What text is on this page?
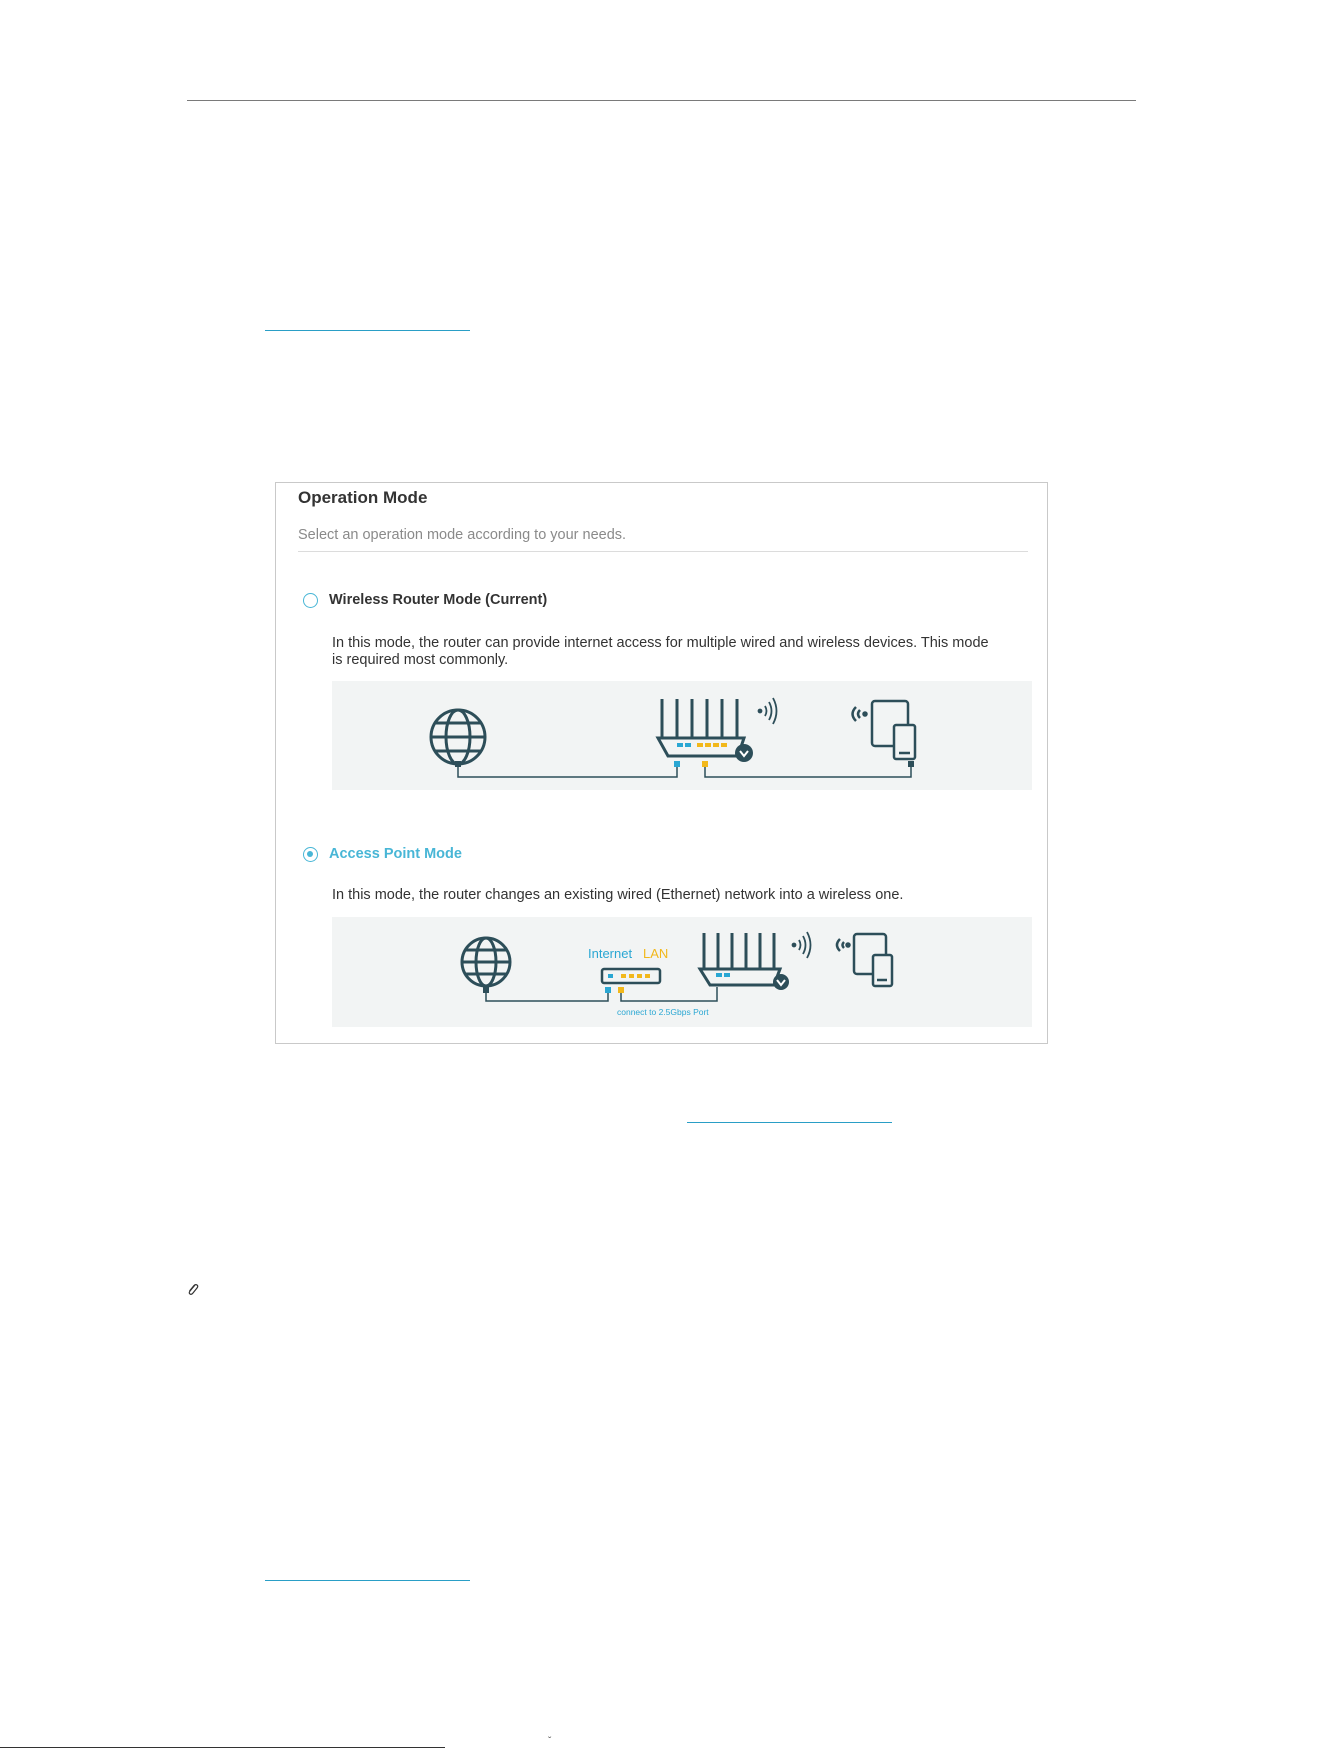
ˇ
Operation Mode
Select an operation mode according to your needs.
Wireless Router Mode (Current)
In this mode, the router can provide internet access for multiple wired and wireless devices. This mode
is required most commonly.
Access Point Mode
In this mode, the router changes an existing wired (Ethernet) network into a wireless one.
Internet LAN
connect to 2.5Gbps Port
